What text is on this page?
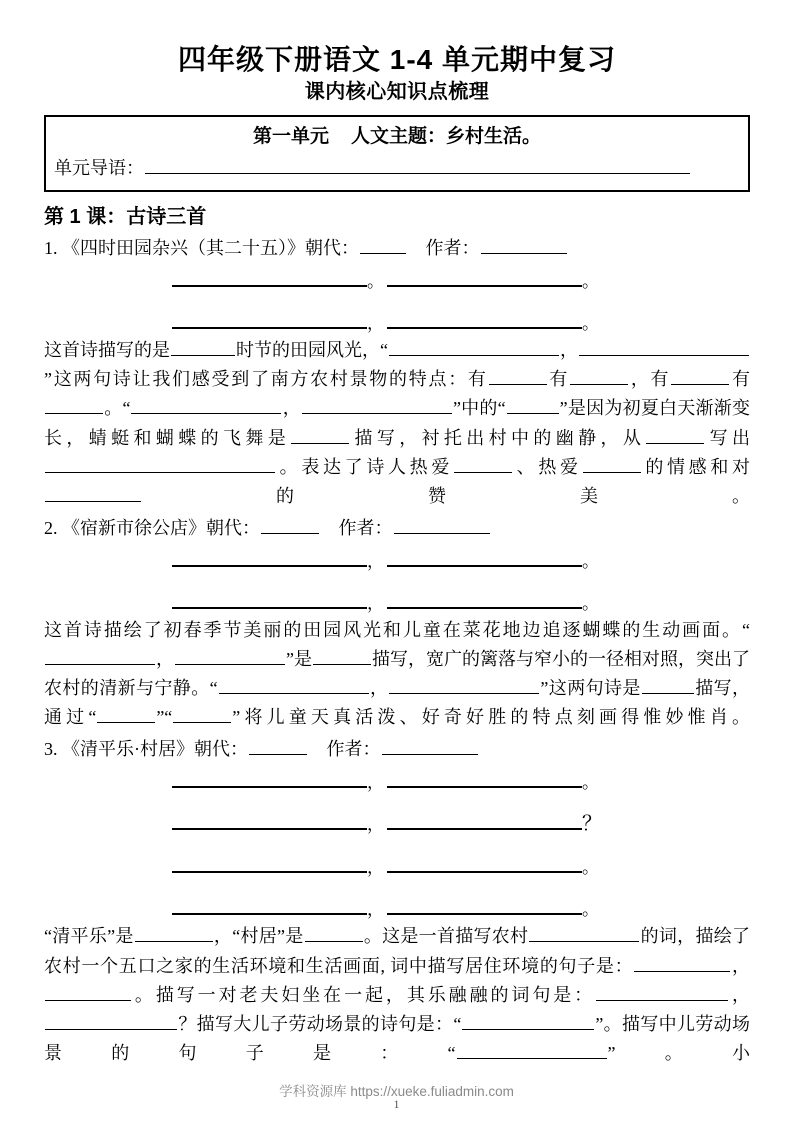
四年级下册语文 1-4 单元期中复习
课内核心知识点梳理
第一单元 人文主题：乡村生活。
单元导语：
第 1 课：古诗三首
1. 《四时田园杂兴（其二十五）》朝代：	作者：
。	。
，	。
这首诗描写的是	时节的田园风光，“	，”这两句诗让我们感受到了南方农村景物的特点：有	有	，有	有。“	，	”中的“	”是因为初夏白天渐渐变长，蜻蜓和蝴蝶的飞舞是	描写，衬托出村中的幽静，从	写出。表达了诗人热爱	、热爱	的情感和对的赞美。
2. 《宿新市徐公店》朝代：	作者：
，	。
，	。
这首诗描绘了初春季节美丽的田园风光和儿童在菜花地边追逐蝴蝶的生动画面。“，	”是	描写，宽广的篱落与窄小的一径相对照，突出了农村的清新与宁静。“	，	”这两句诗是	描写，通过“	”“	”将儿童天真活泼、好奇好胜的特点刻画得惟妙惟肖。
3. 《清平乐·村居》朝代：	作者：
，	。
，	？
，	。
，	。
“清平乐”是	，“村居”是	。这是一首描写农村	的词，描绘了农村一个五口之家的生活环境和生活画面, 词中描写居住环境的句子是：	，。描写一对老夫妇坐在一起，其乐融融的词句是：	，？描写大儿子劳动场景的诗句是：“	”。描写中儿劳动场景的句子是：“	”。小
学科资源库 https://xueke.fuliadmin.com
1
